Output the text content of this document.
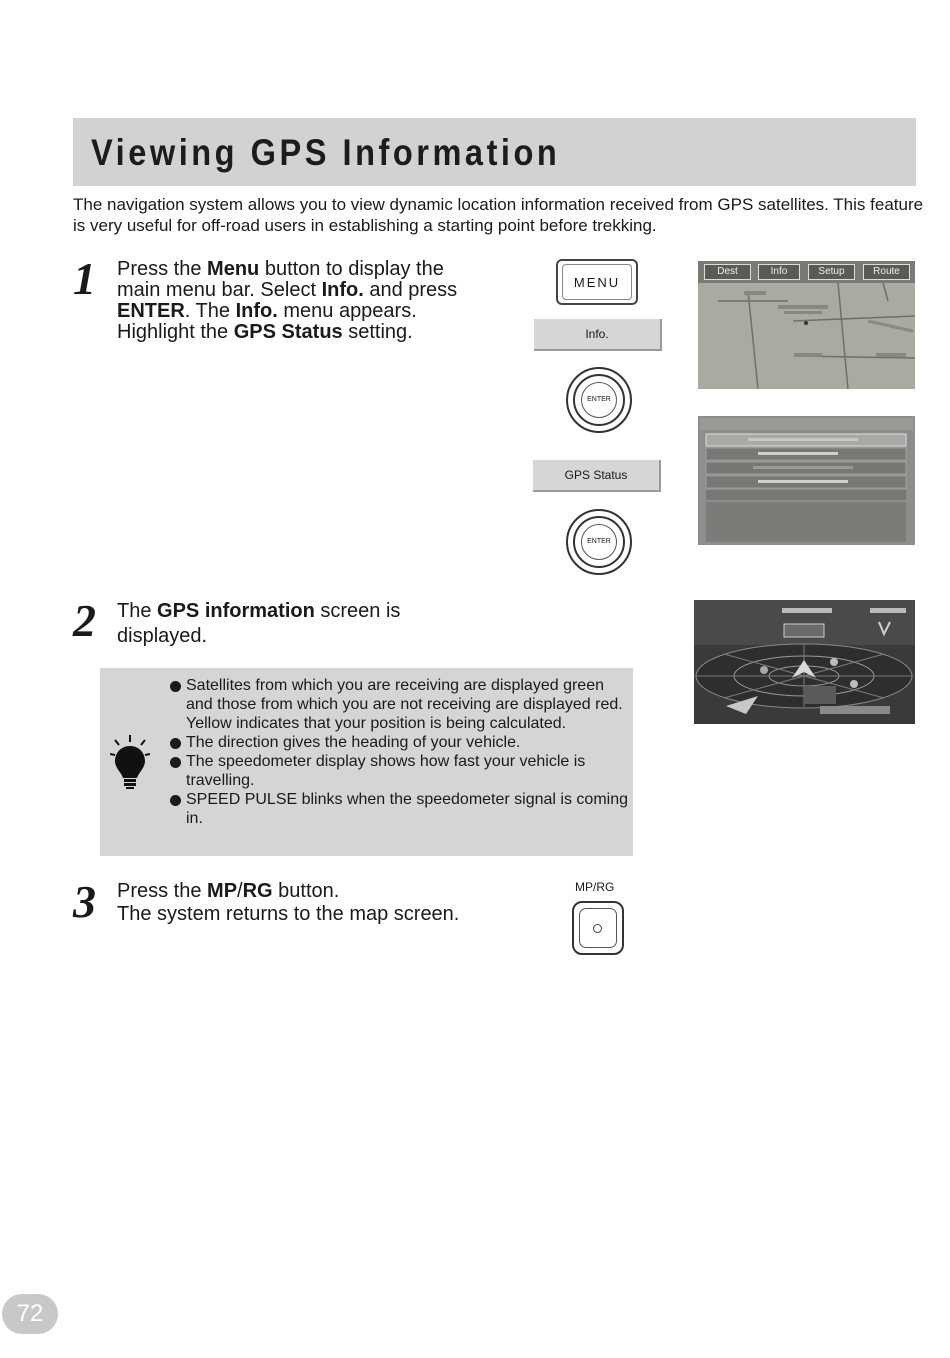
Viewing GPS Information
The navigation system allows you to view dynamic location information received from GPS satellites. This feature is very useful for off-road users in establishing a starting point before trekking.
1 Press the Menu button to display the main menu bar. Select Info. and press ENTER. The Info. menu appears. Highlight the GPS Status setting.
MENU
Info.
ENTER
GPS Status
ENTER
Dest	Info	Setup	Route
2 The GPS information screen is displayed.
Satellites from which you are receiving are displayed green and those from which you are not receiving are displayed red. Yellow indicates that your position is being calculated.
The direction gives the heading of your vehicle.
The speedometer display shows how fast your vehicle is travelling.
SPEED PULSE blinks when the speedometer signal is coming in.
3 Press the MP/RG button.
The system returns to the map screen.
MP/RG
72
